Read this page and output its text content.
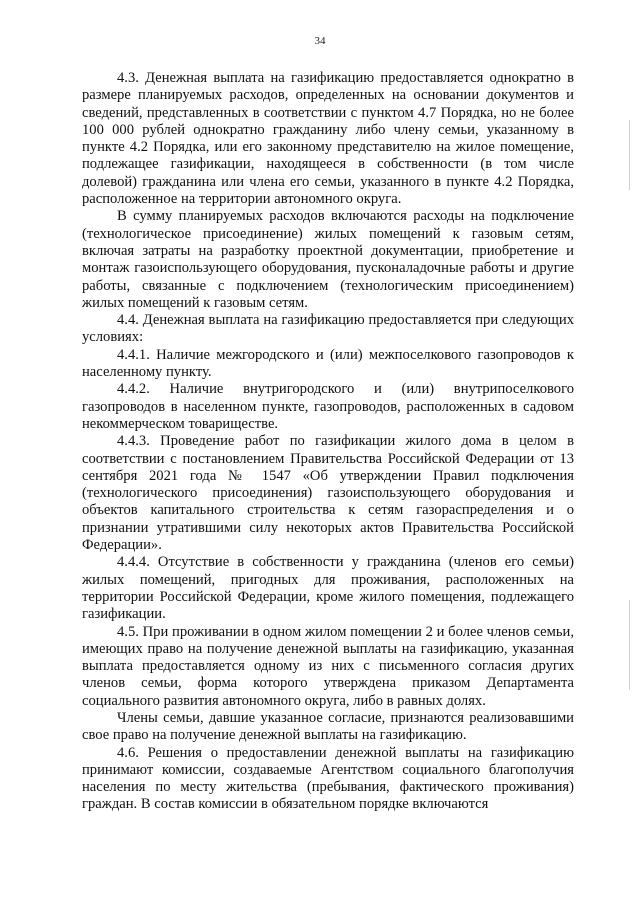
34

4.3. Денежная выплата на газификацию предоставляется однократно в размере планируемых расходов, определенных на основании документов и сведений, представленных в соответствии с пунктом 4.7 Порядка, но не более 100 000 рублей однократно гражданину либо члену семьи, указанному в пункте 4.2 Порядка, или его законному представителю на жилое помещение, подлежащее газификации, находящееся в собственности (в том числе долевой) гражданина или члена его семьи, указанного в пункте 4.2 Порядка, расположенное на территории автономного округа.

В сумму планируемых расходов включаются расходы на подключение (технологическое присоединение) жилых помещений к газовым сетям, включая затраты на разработку проектной документации, приобретение и монтаж газоиспользующего оборудования, пусконаладочные работы и другие работы, связанные с подключением (технологическим присоединением) жилых помещений к газовым сетям.

4.4. Денежная выплата на газификацию предоставляется при следующих условиях:

4.4.1. Наличие межгородского и (или) межпоселкового газопроводов к населенному пункту.

4.4.2. Наличие внутригородского и (или) внутрипоселкового газопроводов в населенном пункте, газопроводов, расположенных в садовом некоммерческом товариществе.

4.4.3. Проведение работ по газификации жилого дома в целом в соответствии с постановлением Правительства Российской Федерации от 13 сентября 2021 года № 1547 «Об утверждении Правил подключения (технологического присоединения) газоиспользующего оборудования и объектов капитального строительства к сетям газораспределения и о признании утратившими силу некоторых актов Правительства Российской Федерации».

4.4.4. Отсутствие в собственности у гражданина (членов его семьи) жилых помещений, пригодных для проживания, расположенных на территории Российской Федерации, кроме жилого помещения, подлежащего газификации.

4.5. При проживании в одном жилом помещении 2 и более членов семьи, имеющих право на получение денежной выплаты на газификацию, указанная выплата предоставляется одному из них с письменного согласия других членов семьи, форма которого утверждена приказом Департамента социального развития автономного округа, либо в равных долях.

Члены семьи, давшие указанное согласие, признаются реализовавшими свое право на получение денежной выплаты на газификацию.

4.6. Решения о предоставлении денежной выплаты на газификацию принимают комиссии, создаваемые Агентством социального благополучия населения по месту жительства (пребывания, фактического проживания) граждан. В состав комиссии в обязательном порядке включаются
